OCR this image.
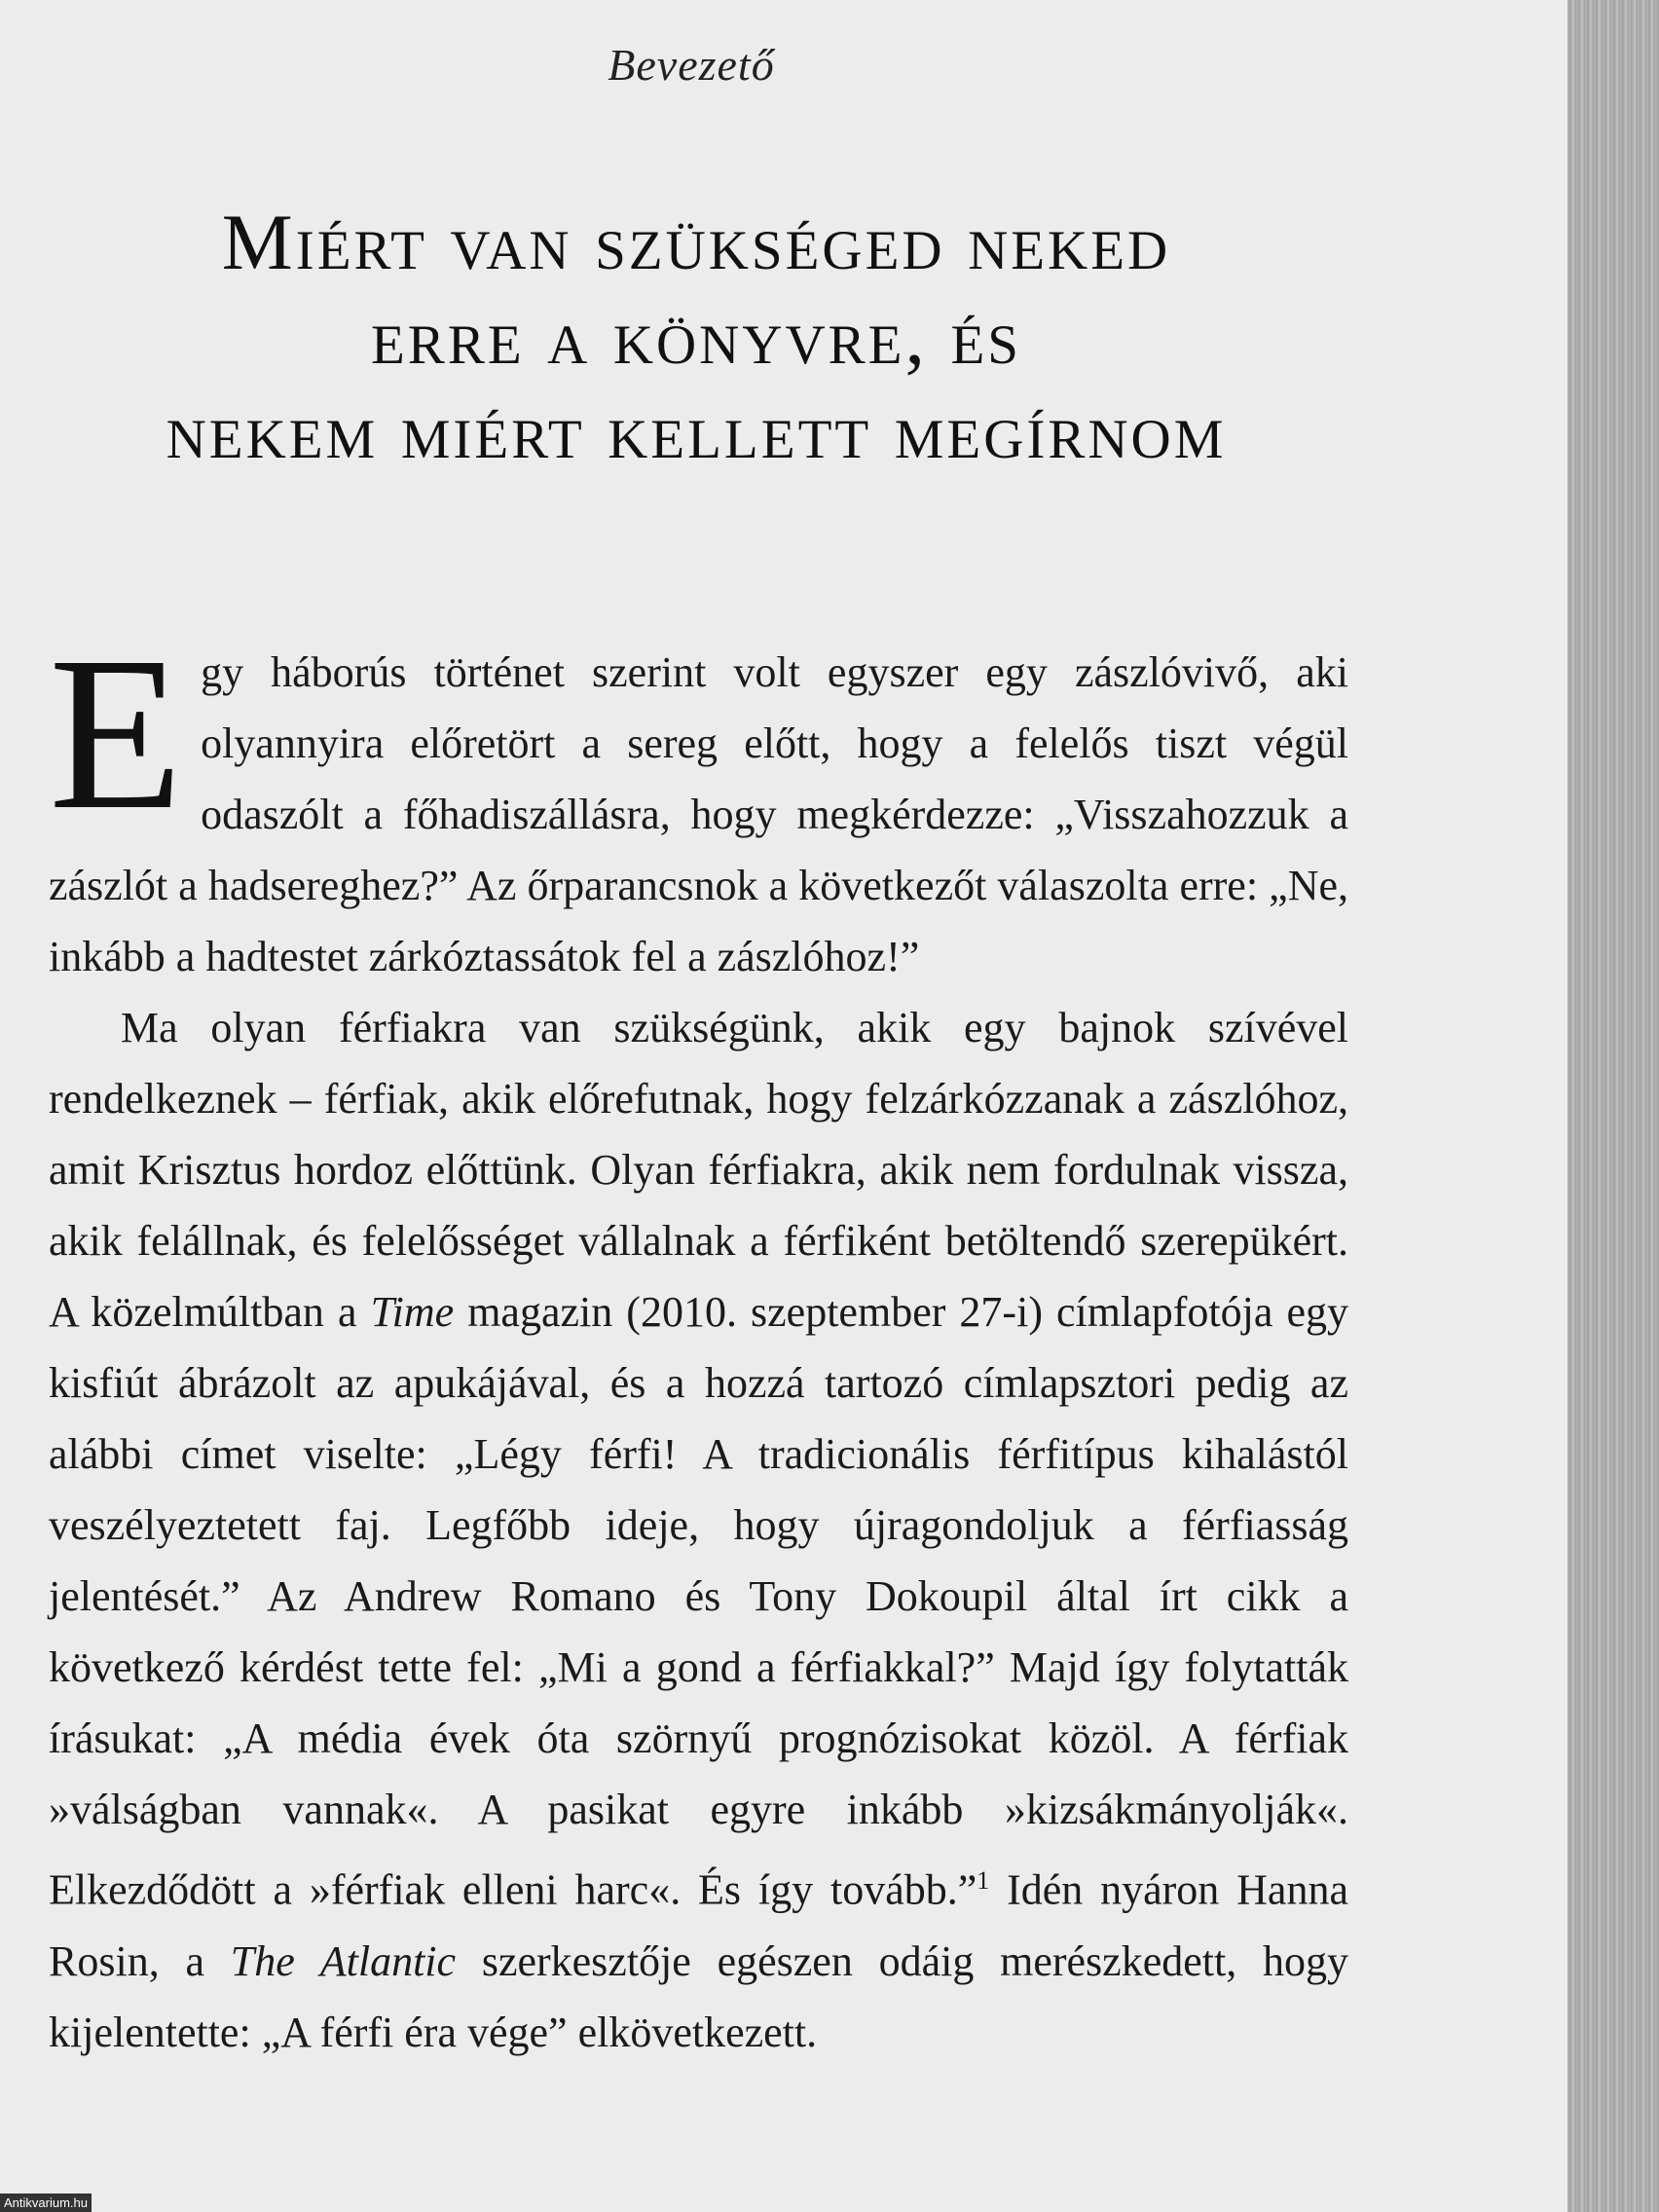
Bevezető
Miért van szükséged neked
erre a könyvre, és
nekem miért kellett megírnom

Egy háborús történet szerint volt egyszer egy zászlóvivő, aki olyannyira előretört a sereg előtt, hogy a felelős tiszt végül odaszólt a főhadiszállásra, hogy megkérdezze: „Visszahozzuk a zászlót a hadsereghez?” Az őrparancsnok a következőt válaszolta erre: „Ne, inkább a hadtestet zárkóztassátok fel a zászlóhoz!”

Ma olyan férfiakra van szükségünk, akik egy bajnok szívével rendelkeznek – férfiak, akik előrefutnak, hogy felzárkózzanak a zászlóhoz, amit Krisztus hordoz előttünk. Olyan férfiakra, akik nem fordulnak vissza, akik felállnak, és felelősséget vállalnak a férfiként betöltendő szerepükért. A közelmúltban a Time magazin (2010. szeptember 27-i) címlapfotója egy kisfiút ábrázolt az apukájával, és a hozzá tartozó címlapsztori pedig az alábbi címet viselte: „Légy férfi! A tradicionális férfitípus kihalástól veszélyeztetett faj. Legfőbb ideje, hogy újragondoljuk a férfiasság jelentését.” Az Andrew Romano és Tony Dokoupil által írt cikk a következő kérdést tette fel: „Mi a gond a férfiakkal?” Majd így folytatták írásukat: „A média évek óta szörnyű prognózisokat közöl. A férfiak »válságban vannak«. A pasikat egyre inkább »kizsákmányolják«. Elkezdődött a »férfiak elleni harc«. És így tovább.”$^1$ Idén nyáron Hanna Rosin, a The Atlantic szerkesztője egészen odáig merészkedett, hogy kijelentette: „A férfi éra vége” elkövetkezett.

Antikvarium.hu
